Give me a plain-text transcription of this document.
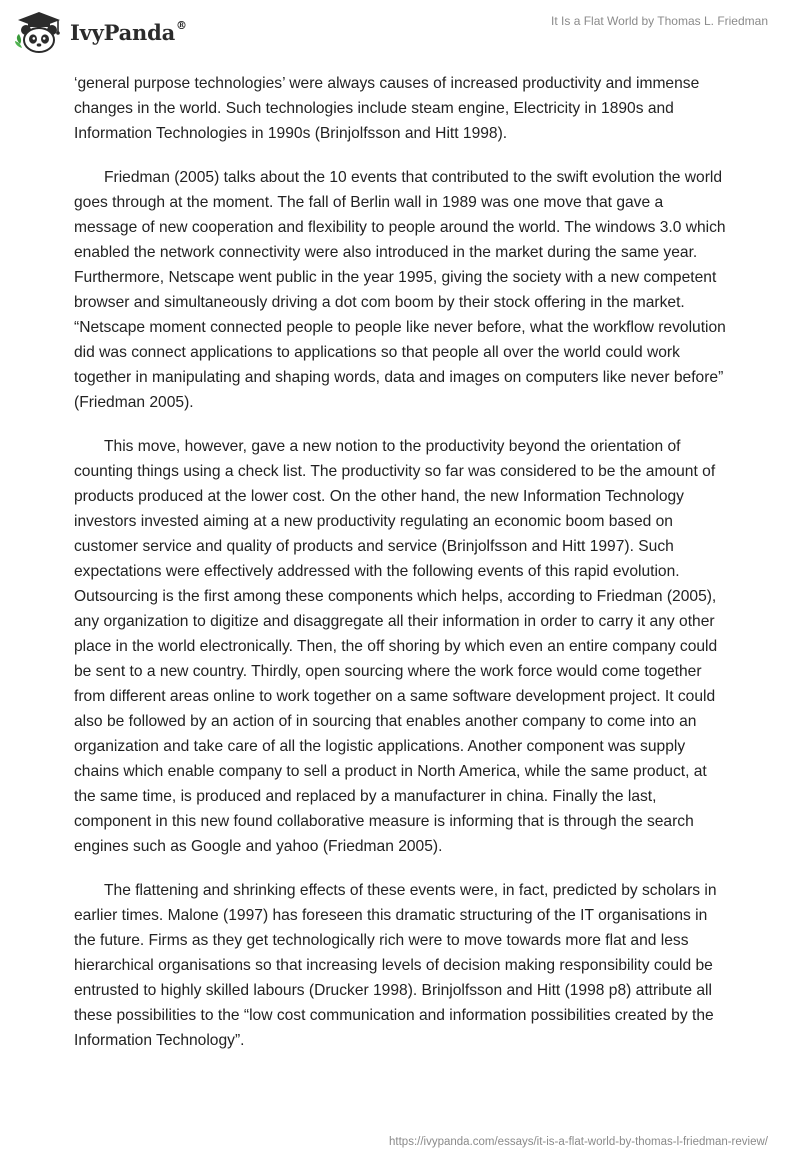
IvyPanda®	It Is a Flat World by Thomas L. Friedman

‘general purpose technologies’ were always causes of increased productivity and immense changes in the world. Such technologies include steam engine, Electricity in 1890s and Information Technologies in 1990s (Brinjolfsson and Hitt 1998).

Friedman (2005) talks about the 10 events that contributed to the swift evolution the world goes through at the moment. The fall of Berlin wall in 1989 was one move that gave a message of new cooperation and flexibility to people around the world. The windows 3.0 which enabled the network connectivity were also introduced in the market during the same year. Furthermore, Netscape went public in the year 1995, giving the society with a new competent browser and simultaneously driving a dot com boom by their stock offering in the market. “Netscape moment connected people to people like never before, what the workflow revolution did was connect applications to applications so that people all over the world could work together in manipulating and shaping words, data and images on computers like never before” (Friedman 2005).

This move, however, gave a new notion to the productivity beyond the orientation of counting things using a check list. The productivity so far was considered to be the amount of products produced at the lower cost. On the other hand, the new Information Technology investors invested aiming at a new productivity regulating an economic boom based on customer service and quality of products and service (Brinjolfsson and Hitt 1997). Such expectations were effectively addressed with the following events of this rapid evolution. Outsourcing is the first among these components which helps, according to Friedman (2005), any organization to digitize and disaggregate all their information in order to carry it any other place in the world electronically. Then, the off shoring by which even an entire company could be sent to a new country. Thirdly, open sourcing where the work force would come together from different areas online to work together on a same software development project. It could also be followed by an action of in sourcing that enables another company to come into an organization and take care of all the logistic applications. Another component was supply chains which enable company to sell a product in North America, while the same product, at the same time, is produced and replaced by a manufacturer in china. Finally the last, component in this new found collaborative measure is informing that is through the search engines such as Google and yahoo (Friedman 2005).

The flattening and shrinking effects of these events were, in fact, predicted by scholars in earlier times. Malone (1997) has foreseen this dramatic structuring of the IT organisations in the future. Firms as they get technologically rich were to move towards more flat and less hierarchical organisations so that increasing levels of decision making responsibility could be entrusted to highly skilled labours (Drucker 1998). Brinjolfsson and Hitt (1998 p8) attribute all these possibilities to the “low cost communication and information possibilities created by the Information Technology”.

https://ivypanda.com/essays/it-is-a-flat-world-by-thomas-l-friedman-review/
